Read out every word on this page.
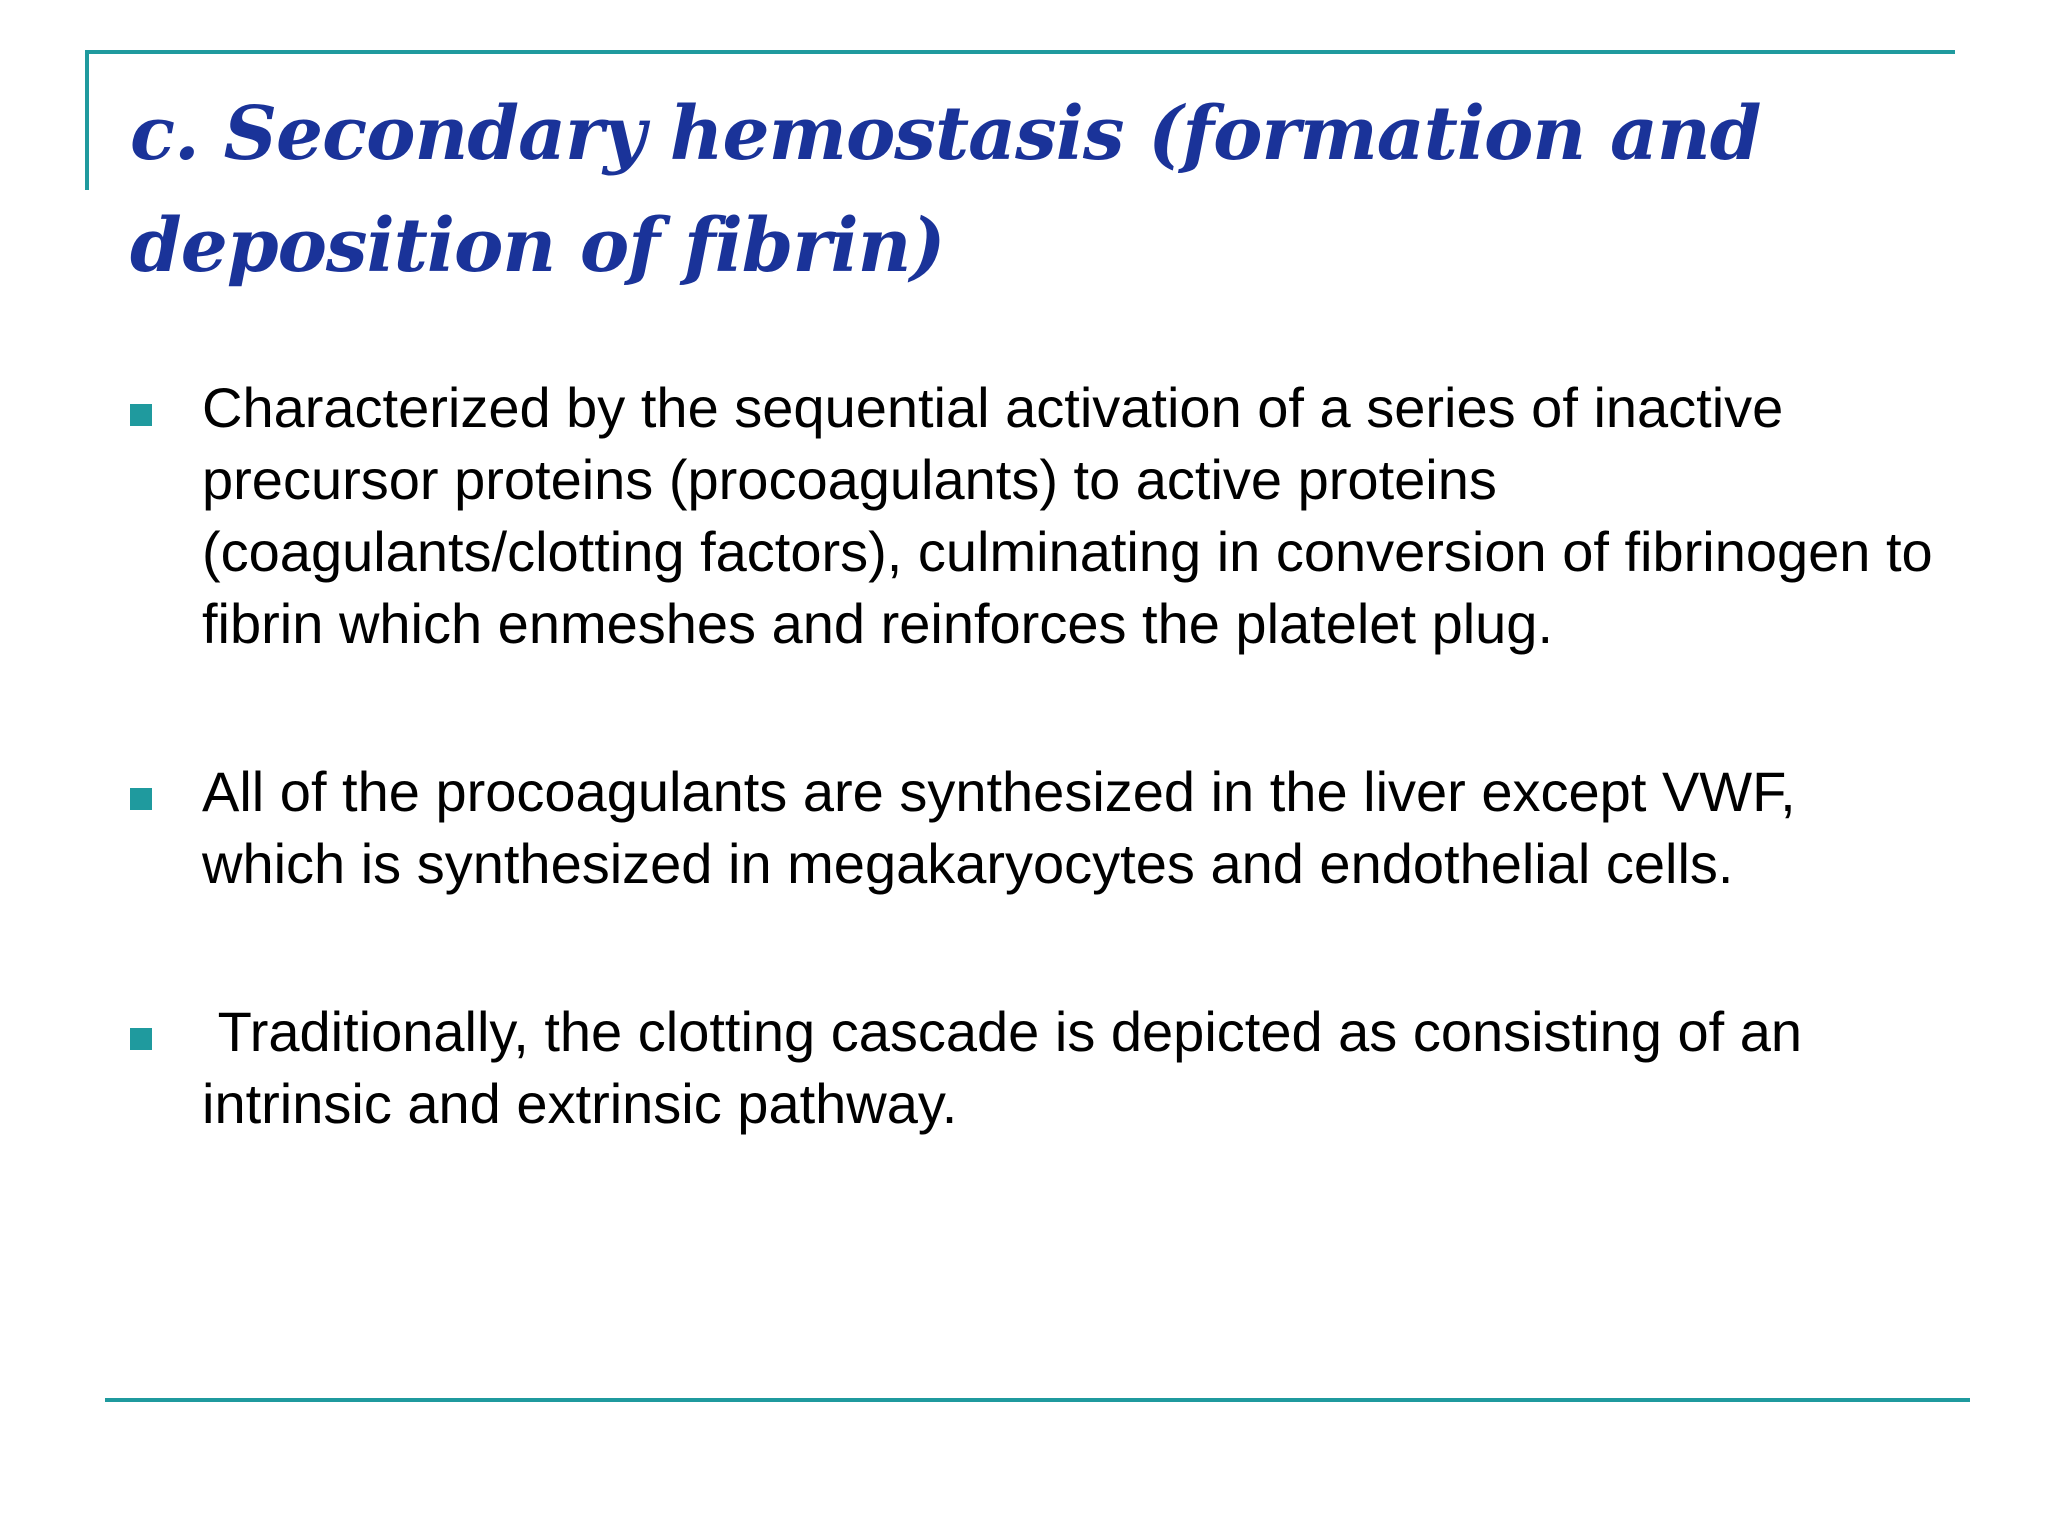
c. Secondary hemostasis (formation and deposition of fibrin)
Characterized by the sequential activation of a series of inactive precursor proteins (procoagulants) to active proteins (coagulants/clotting factors), culminating in conversion of fibrinogen to fibrin which enmeshes and reinforces the platelet plug.
All of the procoagulants are synthesized in the liver except VWF, which is synthesized in megakaryocytes and endothelial cells.
Traditionally, the clotting cascade is depicted as consisting of an intrinsic and extrinsic pathway.
